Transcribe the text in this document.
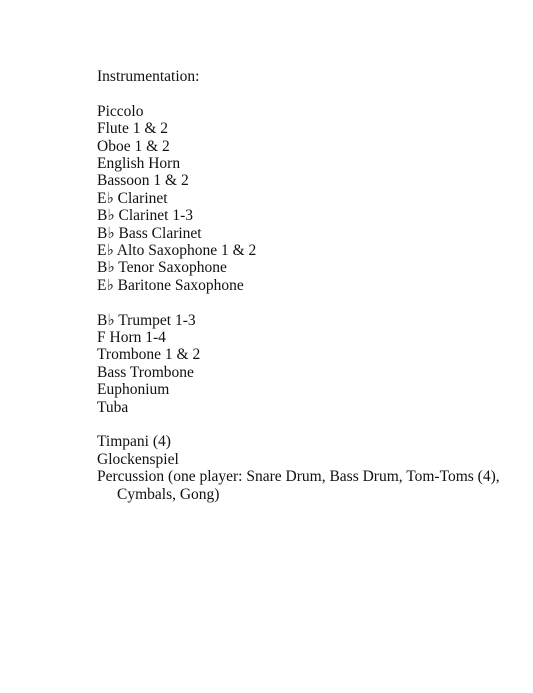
Instrumentation:
Piccolo
Flute 1 & 2
Oboe 1 & 2
English Horn
Bassoon 1 & 2
E♭ Clarinet
B♭ Clarinet 1-3
B♭ Bass Clarinet
E♭ Alto Saxophone 1 & 2
B♭ Tenor Saxophone
E♭ Baritone Saxophone
B♭ Trumpet 1-3
F Horn 1-4
Trombone 1 & 2
Bass Trombone
Euphonium
Tuba
Timpani (4)
Glockenspiel
Percussion (one player: Snare Drum, Bass Drum, Tom-Toms (4), Cymbals, Gong)
